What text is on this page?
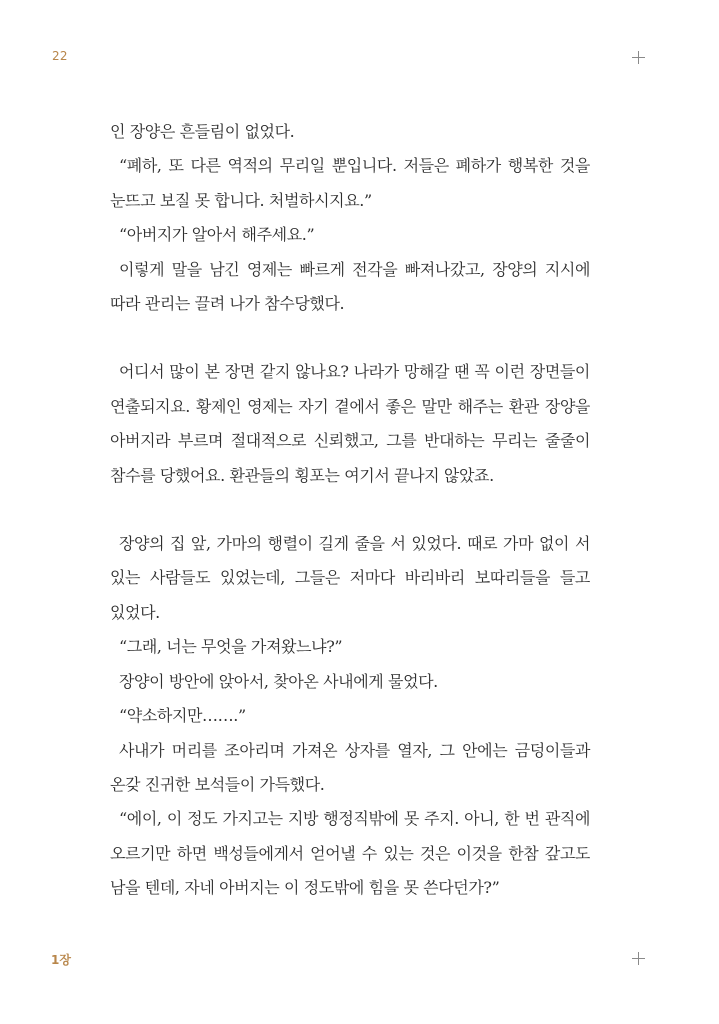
22

인 장양은 흔들림이 없었다.

“폐하, 또 다른 역적의 무리일 뿐입니다. 저들은 폐하가 행복한 것을 눈뜨고 보질 못 합니다. 처벌하시지요.”

“아버지가 알아서 해주세요.”

이렇게 말을 남긴 영제는 빠르게 전각을 빠져나갔고, 장양의 지시에 따라 관리는 끌려 나가 참수당했다.

어디서 많이 본 장면 같지 않나요? 나라가 망해갈 땐 꼭 이런 장면들이 연출되지요. 황제인 영제는 자기 곁에서 좋은 말만 해주는 환관 장양을 아버지라 부르며 절대적으로 신뢰했고, 그를 반대하는 무리는 줄줄이 참수를 당했어요. 환관들의 횡포는 여기서 끝나지 않았죠.

장양의 집 앞, 가마의 행렬이 길게 줄을 서 있었다. 때로 가마 없이 서 있는 사람들도 있었는데, 그들은 저마다 바리바리 보따리들을 들고 있었다.

“그래, 너는 무엇을 가져왔느냐?”

장양이 방안에 앉아서, 찾아온 사내에게 물었다.

“약소하지만…….”

사내가 머리를 조아리며 가져온 상자를 열자, 그 안에는 금덩이들과 온갖 진귀한 보석들이 가득했다.

“에이, 이 정도 가지고는 지방 행정직밖에 못 주지. 아니, 한 번 관직에 오르기만 하면 백성들에게서 얻어낼 수 있는 것은 이것을 한참 갚고도 남을 텐데, 자네 아버지는 이 정도밖에 힘을 못 쓴다던가?”

1장
